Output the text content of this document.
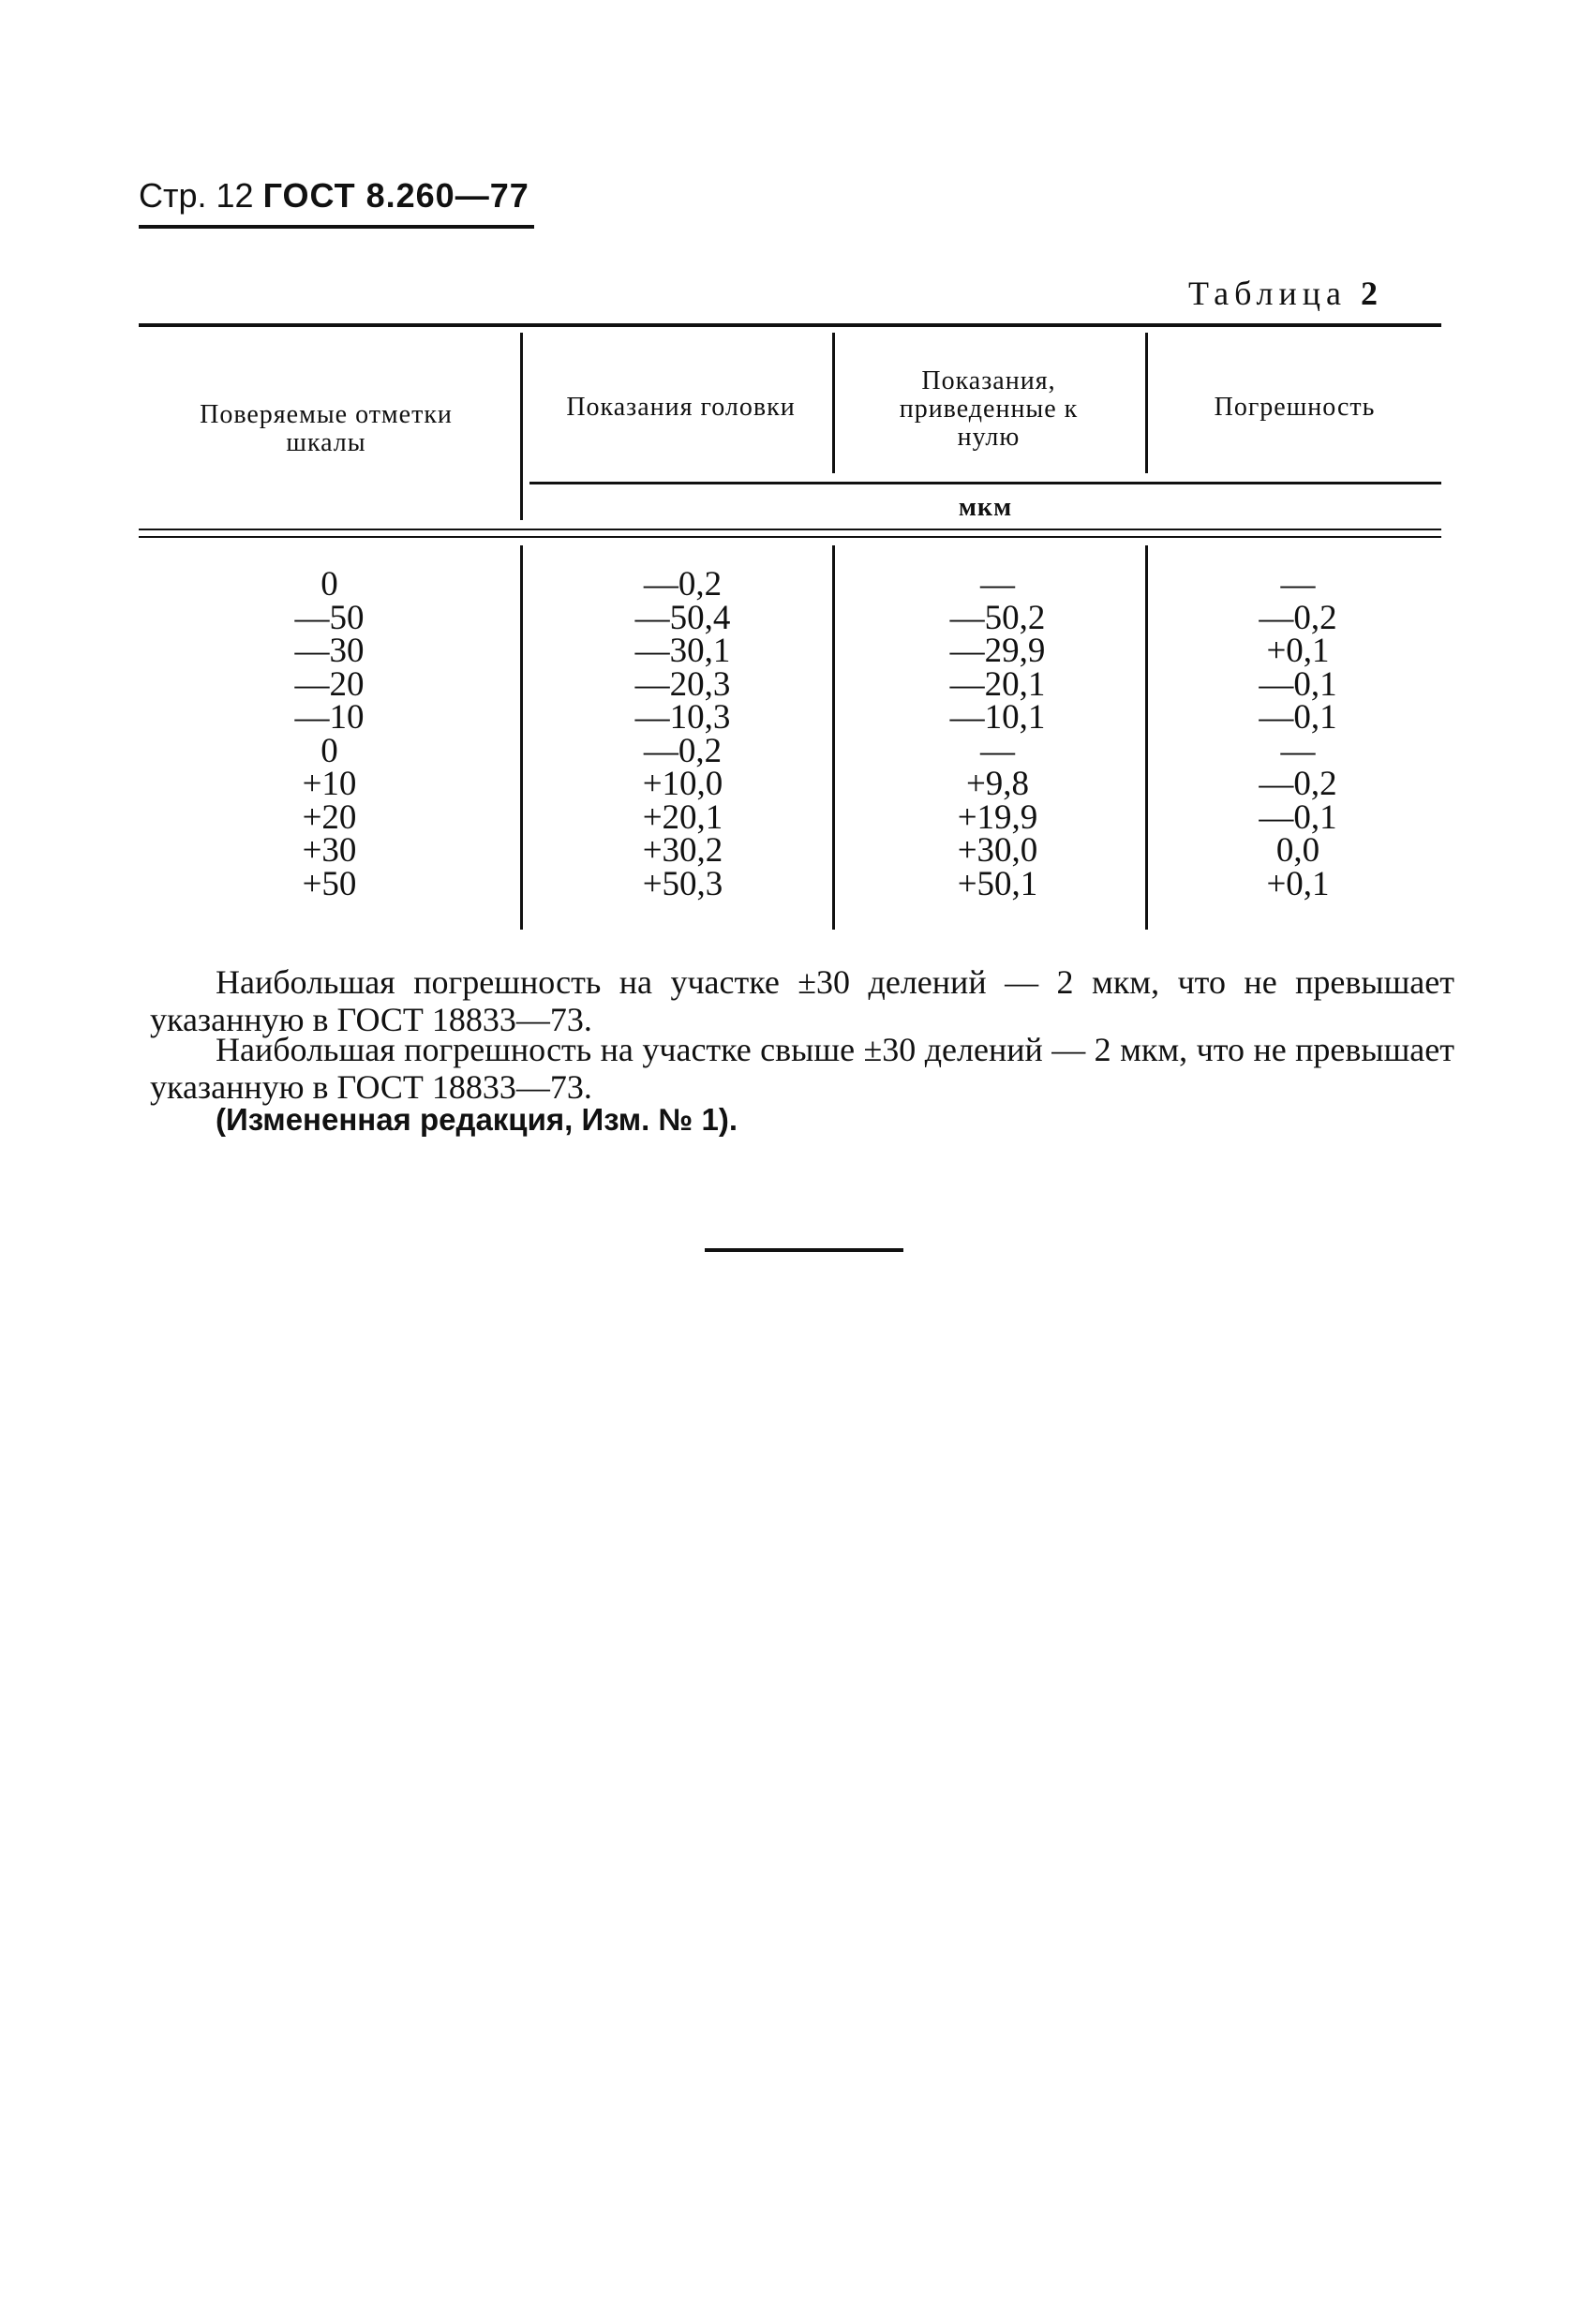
Стр. 12 ГОСТ 8.260—77
Таблица 2
Поверяемые отметки шкалы
Показания головки
Показания, приведенные к нулю
Погрешность
мкм
0	—0,2	—	—
—50	—50,4	—50,2	—0,2
—30	—30,1	—29,9	+0,1
—20	—20,3	—20,1	—0,1
—10	—10,3	—10,1	—0,1
0	—0,2	—	—
+10	+10,0	+9,8	—0,2
+20	+20,1	+19,9	—0,1
+30	+30,2	+30,0	0,0
+50	+50,3	+50,1	+0,1

Наибольшая погрешность на участке ±30 делений — 2 мкм, что не превышает указанную в ГОСТ 18833—73.

Наибольшая погрешность на участке свыше ±30 делений — 2 мкм, что не превышает указанную в ГОСТ 18833—73.

(Измененная редакция, Изм. № 1).
